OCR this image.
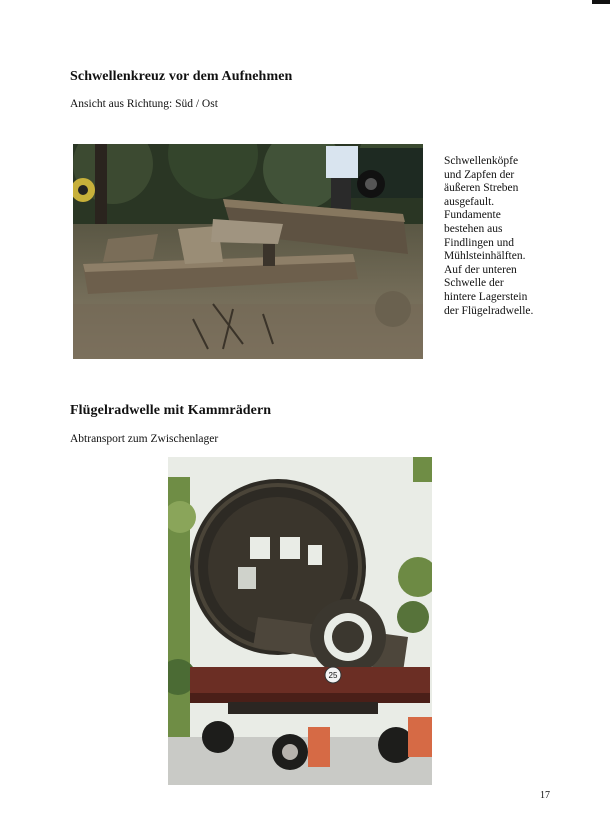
Schwellenkreuz vor dem Aufnehmen
Ansicht aus Richtung: Süd / Ost
Schwellenköpfe
und Zapfen der
äußeren Streben
ausgefault.
Fundamente
bestehen aus
Findlingen und
Mühlsteinhälften.
Auf der unteren
Schwelle der
hintere Lagerstein
der Flügelradwelle.
Flügelradwelle mit Kammrädern
Abtransport zum Zwischenlager
25
17
